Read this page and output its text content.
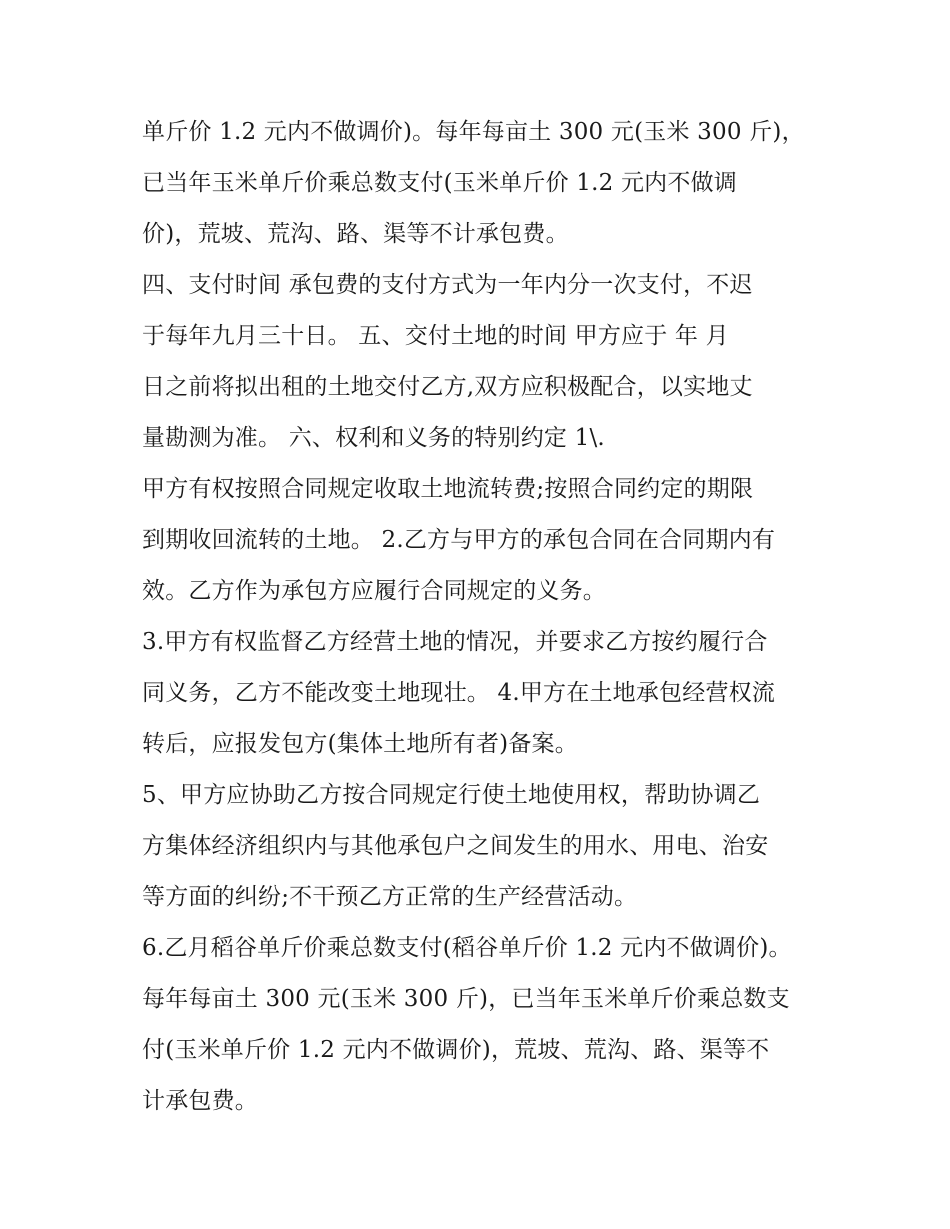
单斤价 1.2 元内不做调价)。每年每亩土 300 元(玉米 300 斤)，
已当年玉米单斤价乘总数支付(玉米单斤价 1.2 元内不做调
价)，荒坡、荒沟、路、渠等不计承包费。
四、支付时间 承包费的支付方式为一年内分一次支付，不迟
于每年九月三十日。 五、交付土地的时间 甲方应于 年 月
日之前将拟出租的土地交付乙方,双方应积极配合，以实地丈
量勘测为准。 六、权利和义务的特别约定 1\.
甲方有权按照合同规定收取土地流转费;按照合同约定的期限
到期收回流转的土地。 2.乙方与甲方的承包合同在合同期内有
效。乙方作为承包方应履行合同规定的义务。
3.甲方有权监督乙方经营土地的情况，并要求乙方按约履行合
同义务，乙方不能改变土地现壮。 4.甲方在土地承包经营权流
转后，应报发包方(集体土地所有者)备案。
5、甲方应协助乙方按合同规定行使土地使用权，帮助协调乙
方集体经济组织内与其他承包户之间发生的用水、用电、治安
等方面的纠纷;不干预乙方正常的生产经营活动。
6.乙月稻谷单斤价乘总数支付(稻谷单斤价 1.2 元内不做调价)。
每年每亩土 300 元(玉米 300 斤)，已当年玉米单斤价乘总数支
付(玉米单斤价 1.2 元内不做调价)，荒坡、荒沟、路、渠等不
计承包费。
